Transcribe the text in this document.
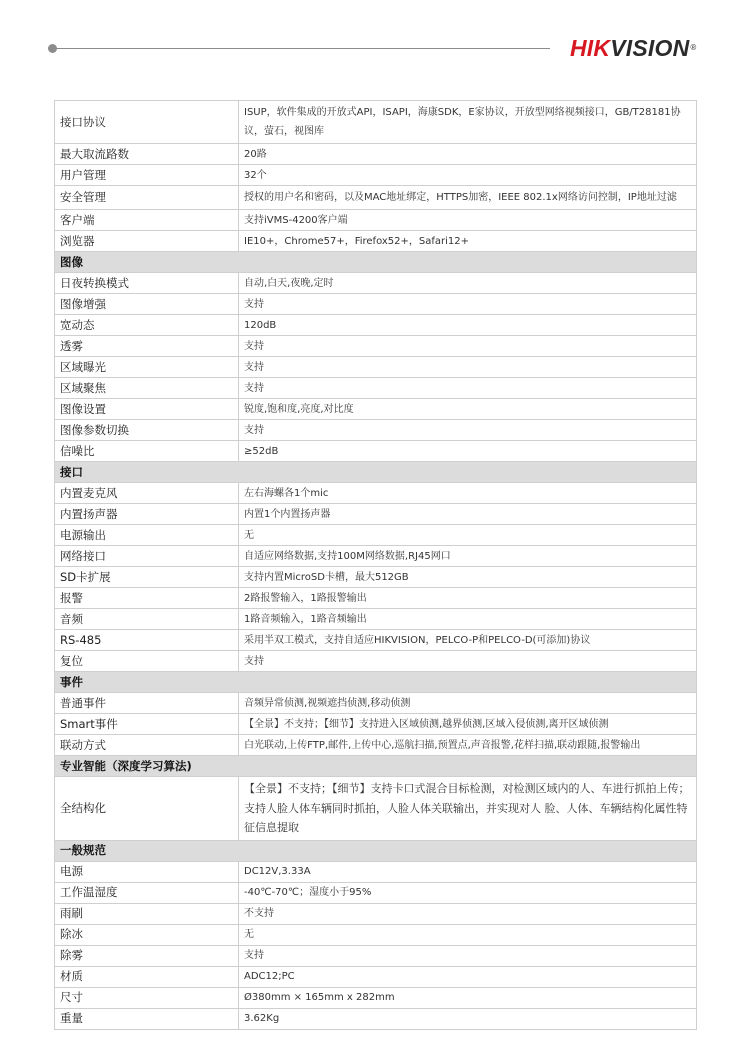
HIKVISION®
接口协议	ISUP，软件集成的开放式API，ISAPI，海康SDK，E家协议，开放型网络视频接口，GB/T28181协议，萤石，视图库
最大取流路数	20路
用户管理	32个
安全管理	授权的用户名和密码，以及MAC地址绑定，HTTPS加密，IEEE 802.1x网络访问控制，IP地址过滤
客户端	支持iVMS-4200客户端
浏览器	IE10+，Chrome57+，Firefox52+，Safari12+
图像	
日夜转换模式	自动,白天,夜晚,定时
图像增强	支持
宽动态	120dB
透雾	支持
区域曝光	支持
区域聚焦	支持
图像设置	锐度,饱和度,亮度,对比度
图像参数切换	支持
信噪比	≥52dB
接口	
内置麦克风	左右海螺各1个mic
内置扬声器	内置1个内置扬声器
电源输出	无
网络接口	自适应网络数据,支持100M网络数据,RJ45网口
SD卡扩展	支持内置MicroSD卡槽，最大512GB
报警	2路报警输入，1路报警输出
音频	1路音频输入，1路音频输出
RS-485	采用半双工模式，支持自适应HIKVISION，PELCO-P和PELCO-D(可添加)协议
复位	支持
事件	
普通事件	音频异常侦测,视频遮挡侦测,移动侦测
Smart事件	【全景】不支持；【细节】支持进入区域侦测,越界侦测,区域入侵侦测,离开区域侦测
联动方式	白光联动,上传FTP,邮件,上传中心,巡航扫描,预置点,声音报警,花样扫描,联动跟随,报警输出
专业智能（深度学习算法)	
全结构化	【全景】不支持；【细节】支持卡口式混合目标检测，对检测区域内的人、车进行抓拍上传；支持人脸人体车辆同时抓拍，人脸人体关联输出，并实现对人 脸、人体、车辆结构化属性特征信息提取
一般规范	
电源	DC12V,3.33A
工作温湿度	-40℃-70℃；湿度小于95%
雨刷	不支持
除冰	无
除雾	支持
材质	ADC12;PC
尺寸	Ø380mm × 165mm x 282mm
重量	3.62Kg
